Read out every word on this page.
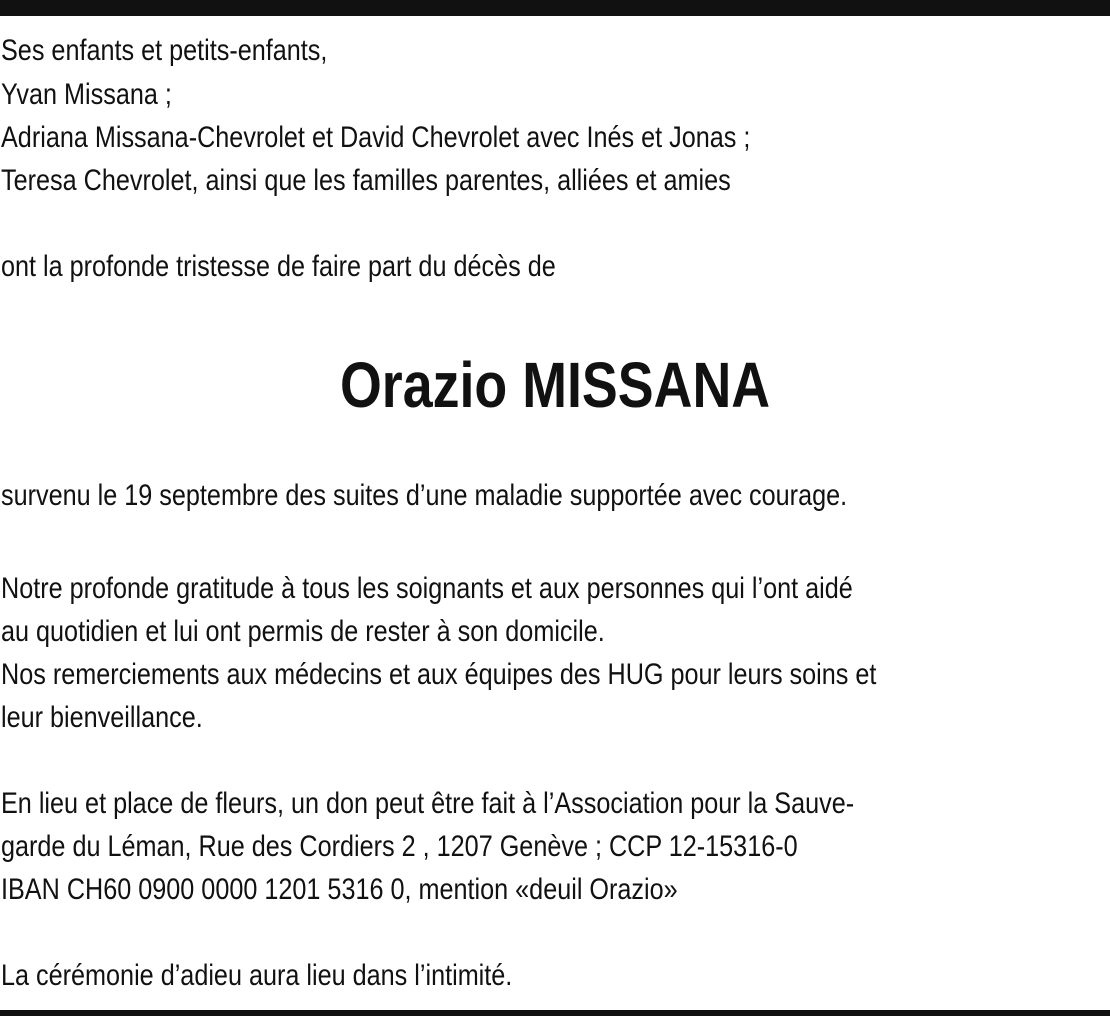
Ses enfants et petits-enfants,
Yvan Missana ;
Adriana Missana-Chevrolet et David Chevrolet avec Inés et Jonas ;
Teresa Chevrolet, ainsi que les familles parentes, alliées et amies
ont la profonde tristesse de faire part du décès de
Orazio MISSANA
survenu le 19 septembre des suites d’une maladie supportée avec courage.
Notre profonde gratitude à tous les soignants et aux personnes qui l’ont aidé
au quotidien et lui ont permis de rester à son domicile.
Nos remerciements aux médecins et aux équipes des HUG pour leurs soins et
leur bienveillance.
En lieu et place de fleurs, un don peut être fait à l’Association pour la Sauve-
garde du Léman, Rue des Cordiers 2 , 1207 Genève ; CCP 12-15316-0
IBAN CH60 0900 0000 1201 5316 0, mention «deuil Orazio»
La cérémonie d’adieu aura lieu dans l’intimité.
